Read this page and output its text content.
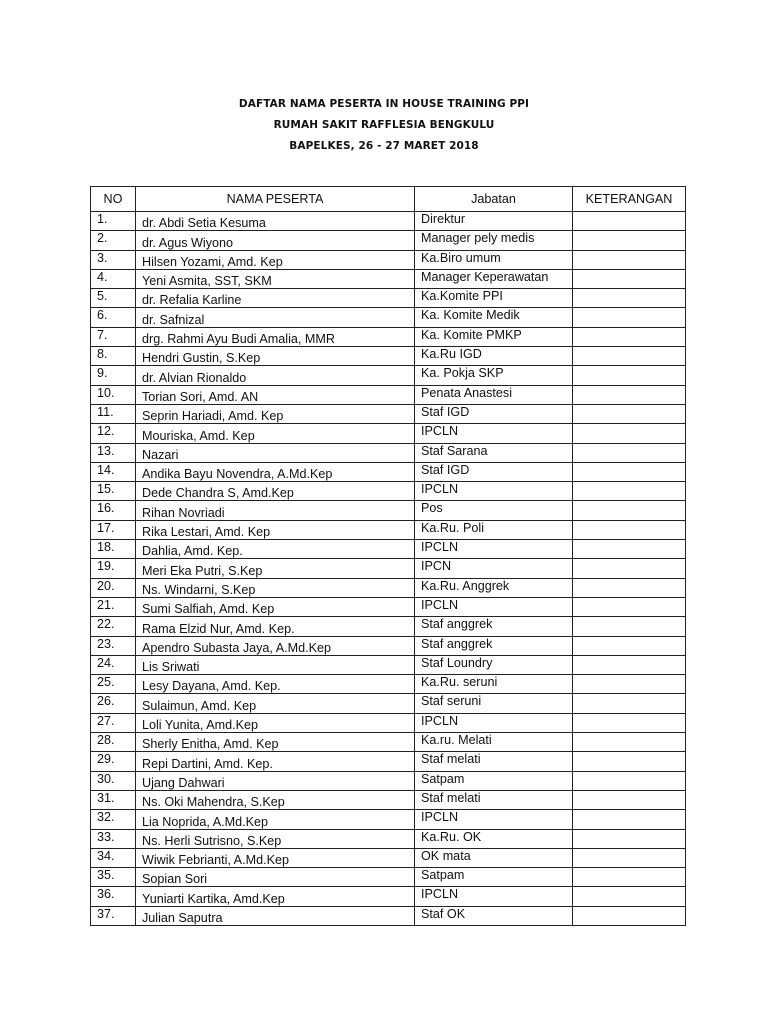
DAFTAR NAMA PESERTA IN HOUSE TRAINING PPI
RUMAH SAKIT RAFFLESIA BENGKULU
BAPELKES, 26 - 27 MARET 2018
NO	NAMA PESERTA	Jabatan	KETERANGAN
1.	dr. Abdi Setia Kesuma	Direktur	
2.	dr. Agus Wiyono	Manager pely medis	
3.	Hilsen Yozami, Amd. Kep	Ka.Biro umum	
4.	Yeni Asmita, SST, SKM	Manager Keperawatan	
5.	dr. Refalia Karline	Ka.Komite PPI	
6.	dr. Safnizal	Ka. Komite Medik	
7.	drg. Rahmi Ayu Budi Amalia, MMR	Ka. Komite PMKP	
8.	Hendri Gustin, S.Kep	Ka.Ru IGD	
9.	dr. Alvian Rionaldo	Ka. Pokja SKP	
10.	Torian Sori, Amd. AN	Penata Anastesi	
11.	Seprin Hariadi, Amd. Kep	Staf IGD	
12.	Mouriska, Amd. Kep	IPCLN	
13.	Nazari	Staf Sarana	
14.	Andika Bayu Novendra, A.Md.Kep	Staf IGD	
15.	Dede Chandra S, Amd.Kep	IPCLN	
16.	Rihan Novriadi	Pos	
17.	Rika Lestari, Amd. Kep	Ka.Ru. Poli	
18.	Dahlia, Amd. Kep.	IPCLN	
19.	Meri Eka Putri, S.Kep	IPCN	
20.	Ns. Windarni, S.Kep	Ka.Ru. Anggrek	
21.	Sumi Salfiah, Amd. Kep	IPCLN	
22.	Rama Elzid Nur, Amd. Kep.	Staf anggrek	
23.	Apendro Subasta Jaya, A.Md.Kep	Staf anggrek	
24.	Lis Sriwati	Staf Loundry	
25.	Lesy Dayana, Amd. Kep.	Ka.Ru. seruni	
26.	Sulaimun, Amd. Kep	Staf seruni	
27.	Loli Yunita, Amd.Kep	IPCLN	
28.	Sherly Enitha, Amd. Kep	Ka.ru. Melati	
29.	Repi Dartini, Amd. Kep.	Staf melati	
30.	Ujang Dahwari	Satpam	
31.	Ns. Oki Mahendra, S.Kep	Staf melati	
32.	Lia Noprida, A.Md.Kep	IPCLN	
33.	Ns. Herli Sutrisno, S.Kep	Ka.Ru. OK	
34.	Wiwik Febrianti, A.Md.Kep	OK mata	
35.	Sopian Sori	Satpam	
36.	Yuniarti Kartika, Amd.Kep	IPCLN	
37.	Julian Saputra	Staf OK	
